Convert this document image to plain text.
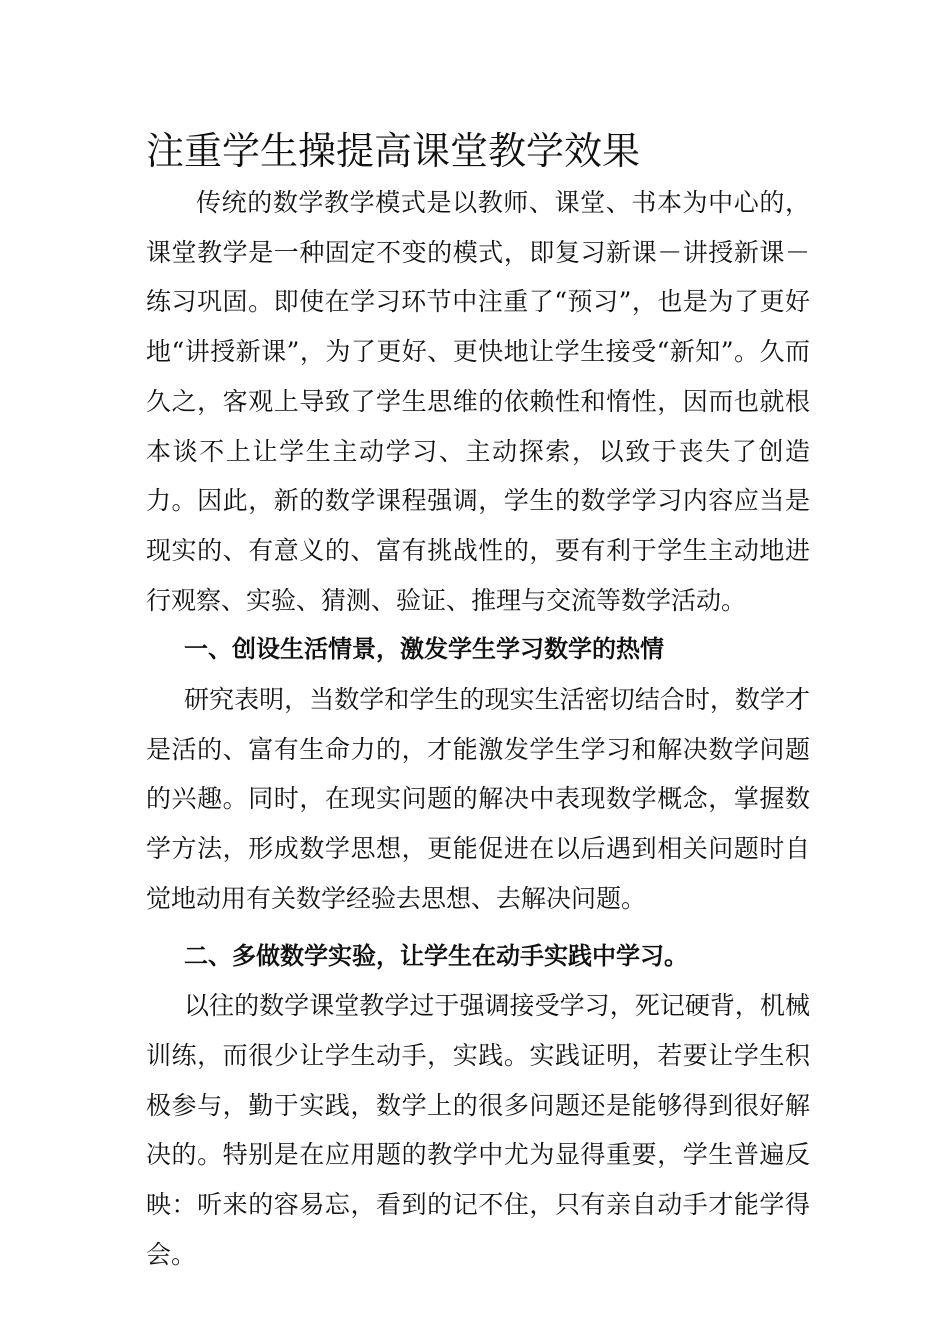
注重学生操提高课堂教学效果

传统的数学教学模式是以教师、课堂、书本为中心的，课堂教学是一种固定不变的模式，即复习新课－讲授新课－练习巩固。即使在学习环节中注重了“预习”，也是为了更好地“讲授新课”，为了更好、更快地让学生接受“新知”。久而久之，客观上导致了学生思维的依赖性和惰性，因而也就根本谈不上让学生主动学习、主动探索，以致于丧失了创造力。因此，新的数学课程强调，学生的数学学习内容应当是现实的、有意义的、富有挑战性的，要有利于学生主动地进行观察、实验、猜测、验证、推理与交流等数学活动。

一、创设生活情景，激发学生学习数学的热情

研究表明，当数学和学生的现实生活密切结合时，数学才是活的、富有生命力的，才能激发学生学习和解决数学问题的兴趣。同时，在现实问题的解决中表现数学概念，掌握数学方法，形成数学思想，更能促进在以后遇到相关问题时自觉地动用有关数学经验去思想、去解决问题。

二、多做数学实验，让学生在动手实践中学习。

以往的数学课堂教学过于强调接受学习，死记硬背，机械训练，而很少让学生动手，实践。实践证明，若要让学生积极参与，勤于实践，数学上的很多问题还是能够得到很好解决的。特别是在应用题的教学中尤为显得重要，学生普遍反映：听来的容易忘，看到的记不住，只有亲自动手才能学得会。
